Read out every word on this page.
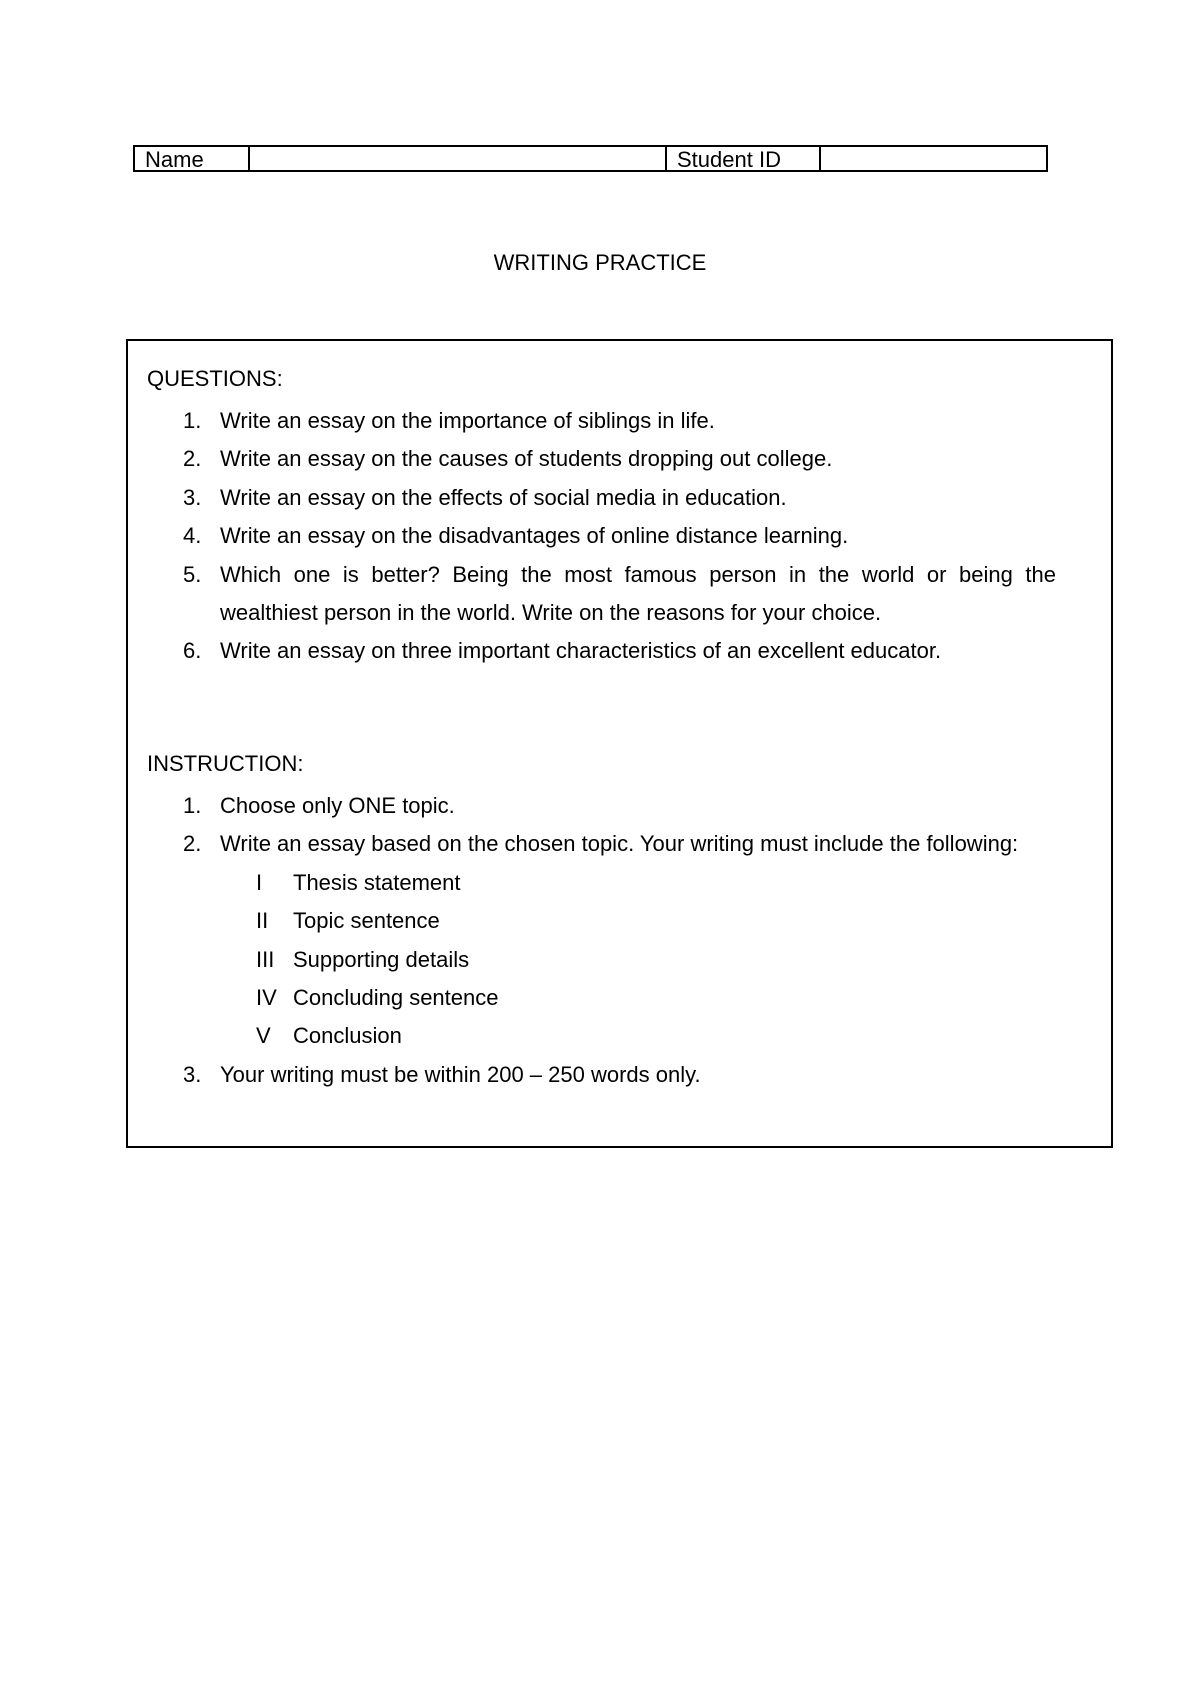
Name	Student ID
WRITING PRACTICE
QUESTIONS:
1. Write an essay on the importance of siblings in life.
2. Write an essay on the causes of students dropping out college.
3. Write an essay on the effects of social media in education.
4. Write an essay on the disadvantages of online distance learning.
5. Which one is better? Being the most famous person in the world or being the wealthiest person in the world. Write on the reasons for your choice.
6. Write an essay on three important characteristics of an excellent educator.
INSTRUCTION:
1. Choose only ONE topic.
2. Write an essay based on the chosen topic. Your writing must include the following:
I Thesis statement
II Topic sentence
III Supporting details
IV Concluding sentence
V Conclusion
3. Your writing must be within 200 – 250 words only.
